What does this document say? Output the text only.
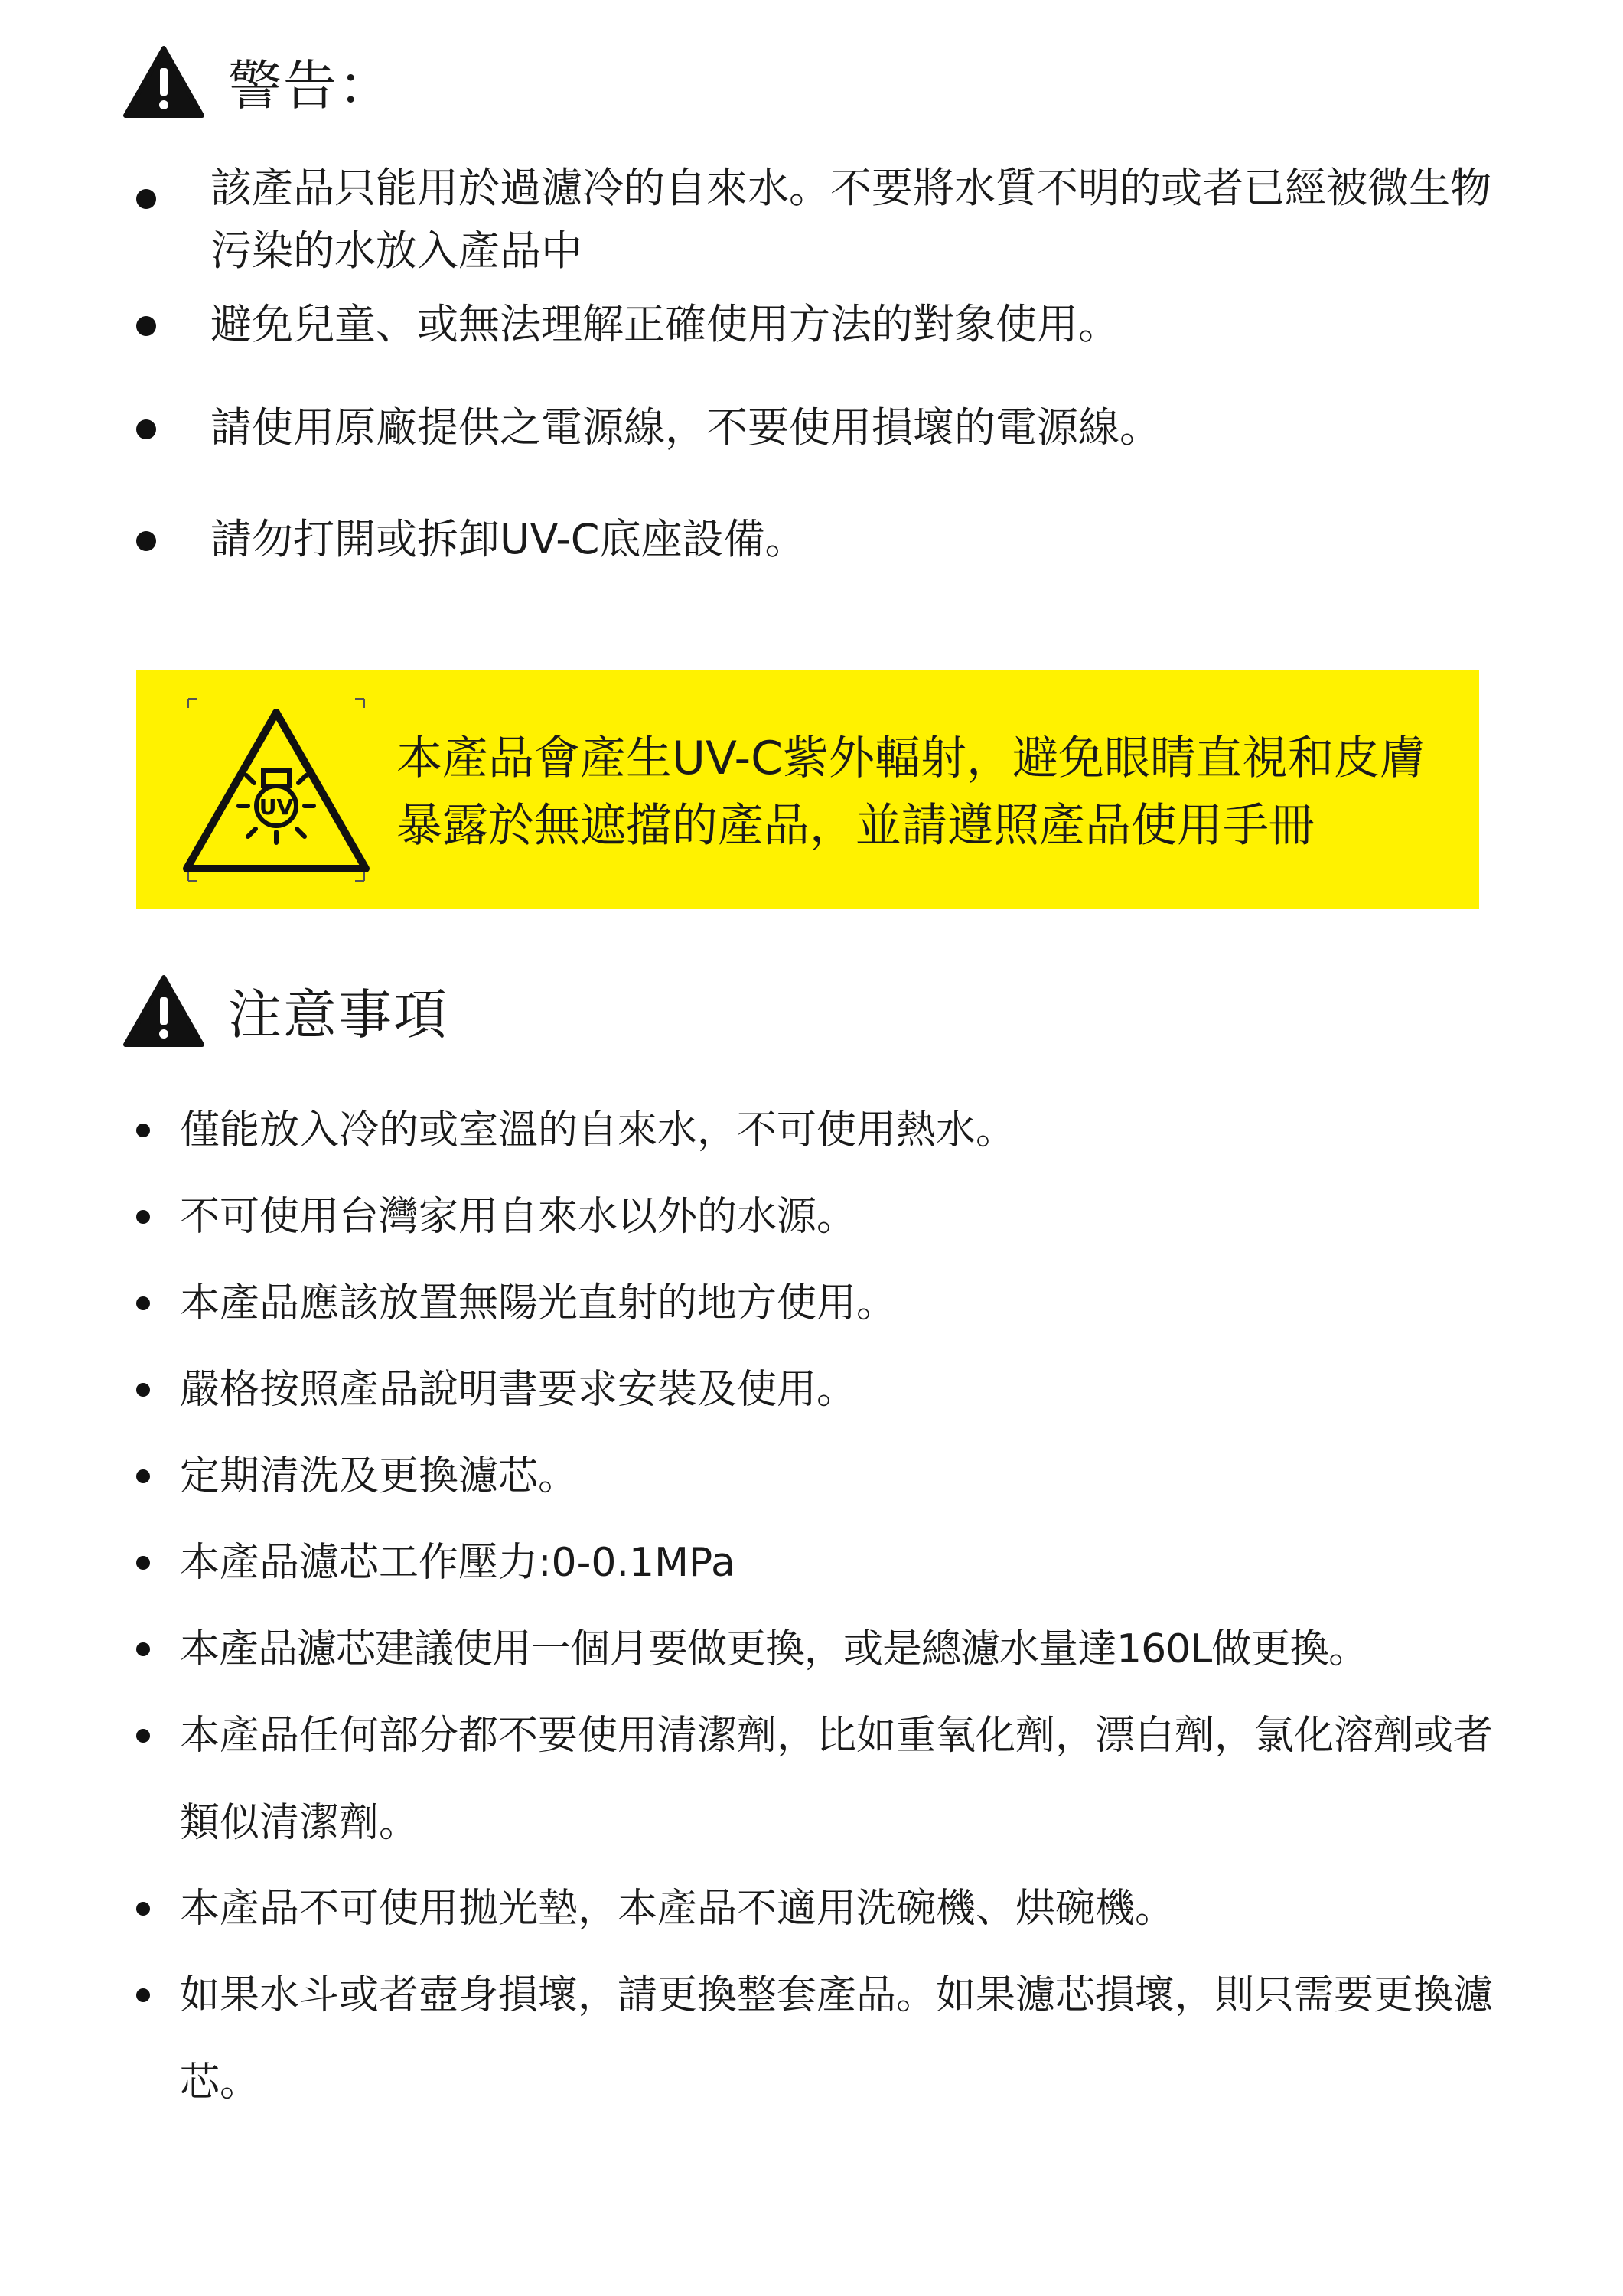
警告：
該產品只能用於過濾冷的自來水。不要將水質不明的或者已經被微生物污染的水放入產品中
避免兒童、或無法理解正確使用方法的對象使用。
請使用原廠提供之電源線，不要使用損壞的電源線。
請勿打開或拆卸UV-C底座設備。
UV
本產品會產生UV-C紫外輻射，避免眼睛直視和皮膚暴露於無遮擋的產品，並請遵照產品使用手冊
注意事項
僅能放入冷的或室溫的自來水，不可使用熱水。
不可使用台灣家用自來水以外的水源。
本產品應該放置無陽光直射的地方使用。
嚴格按照產品說明書要求安裝及使用。
定期清洗及更換濾芯。
本產品濾芯工作壓力:0-0.1MPa
本產品濾芯建議使用一個月要做更換，或是總濾水量達160L做更換。
本產品任何部分都不要使用清潔劑，比如重氧化劑，漂白劑，氯化溶劑或者類似清潔劑。
本產品不可使用拋光墊，本產品不適用洗碗機、烘碗機。
如果水斗或者壺身損壞，請更換整套產品。如果濾芯損壞，則只需要更換濾芯。
